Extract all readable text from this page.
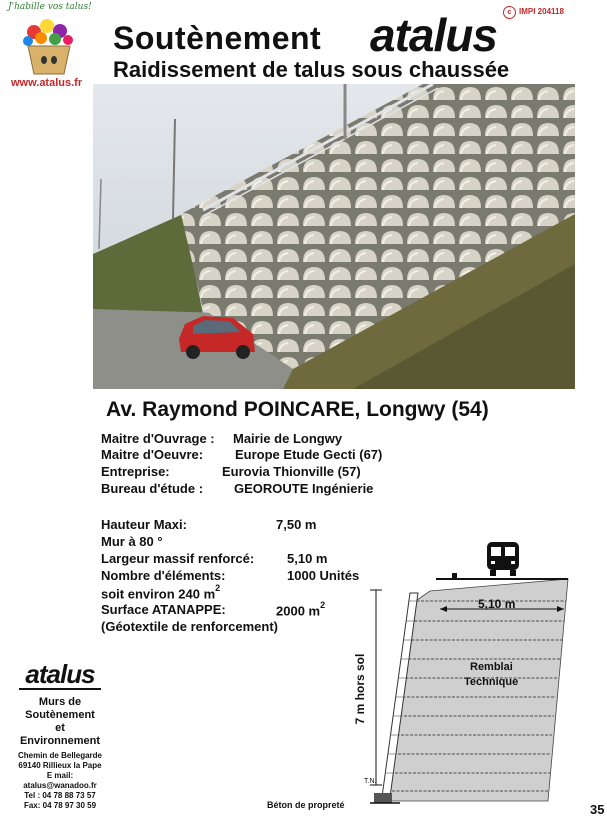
J'habille vos talus!
www.atalus.fr
Soutènement atalus	c IMPI 204118
Raidissement de talus sous chaussée
Av. Raymond POINCARE, Longwy (54)
Maitre d'Ouvrage : Mairie de Longwy
Maitre d'Oeuvre: Europe Etude Gecti (67)
Entreprise:	Eurovia Thionville (57)
Bureau d'étude : GEOROUTE Ingénierie
Hauteur Maxi:	7,50 m
Mur à 80 °
Largeur massif renforcé:	5,10 m
Nombre d'éléments:	1000 Unités
soit environ 240 $m^2$
Surface ATANAPPE:	2000 $m^2$
(Géotextile de renforcement)
5,10 m
Remblai
Technique
7 m hors sol
T.N.
Béton de propreté
atalus
Murs de
Soutènement
et
Environnement
Chemin de Bellegarde
69140 Rillieux la Pape
E mail:
atalus@wanadoo.fr
Tel : 04 78 88 73 57
Fax: 04 78 97 30 59	35
